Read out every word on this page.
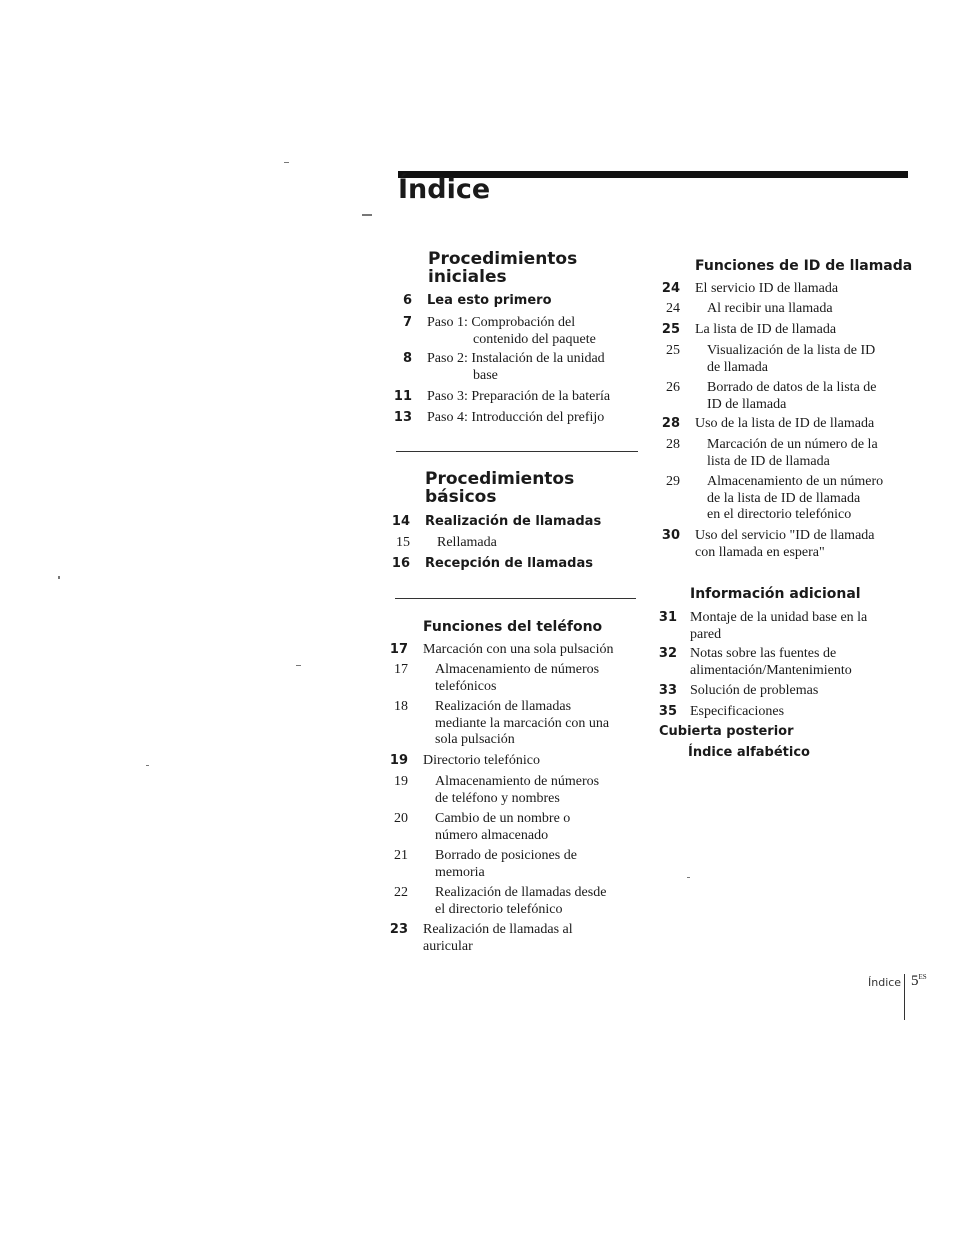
Índice

Procedimientos

iniciales

6 Lea esto primero
7 Paso 1: Comprobación del
contenido del paquete
8 Paso 2: Instalación de la unidad
base
11 Paso 3: Preparación de la batería
13 Paso 4: Introducción del prefijo

Procedimientos

básicos

14 Realización de llamadas
15 Rellamada
16 Recepción de llamadas

Funciones del teléfono

17 Marcación con una sola pulsación
17 Almacenamiento de números
telefónicos
18 Realización de llamadas
mediante la marcación con una
sola pulsación
19 Directorio telefónico
19 Almacenamiento de números
de teléfono y nombres
20 Cambio de un nombre o
número almacenado
21 Borrado de posiciones de
memoria
22 Realización de llamadas desde
el directorio telefónico
23 Realización de llamadas al
auricular

Funciones de ID de llamada

24 El servicio ID de llamada
24 Al recibir una llamada
25 La lista de ID de llamada
25 Visualización de la lista de ID
de llamada
26 Borrado de datos de la lista de
ID de llamada
28 Uso de la lista de ID de llamada
28 Marcación de un número de la
lista de ID de llamada
29 Almacenamiento de un número
de la lista de ID de llamada
en el directorio telefónico
30 Uso del servicio "ID de llamada
con llamada en espera"

Información adicional

31 Montaje de la unidad base en la
pared
32 Notas sobre las fuentes de
alimentación/Mantenimiento
33 Solución de problemas
35 Especificaciones
Cubierta posterior
Índice alfabético
Índice $5^{ES}$
